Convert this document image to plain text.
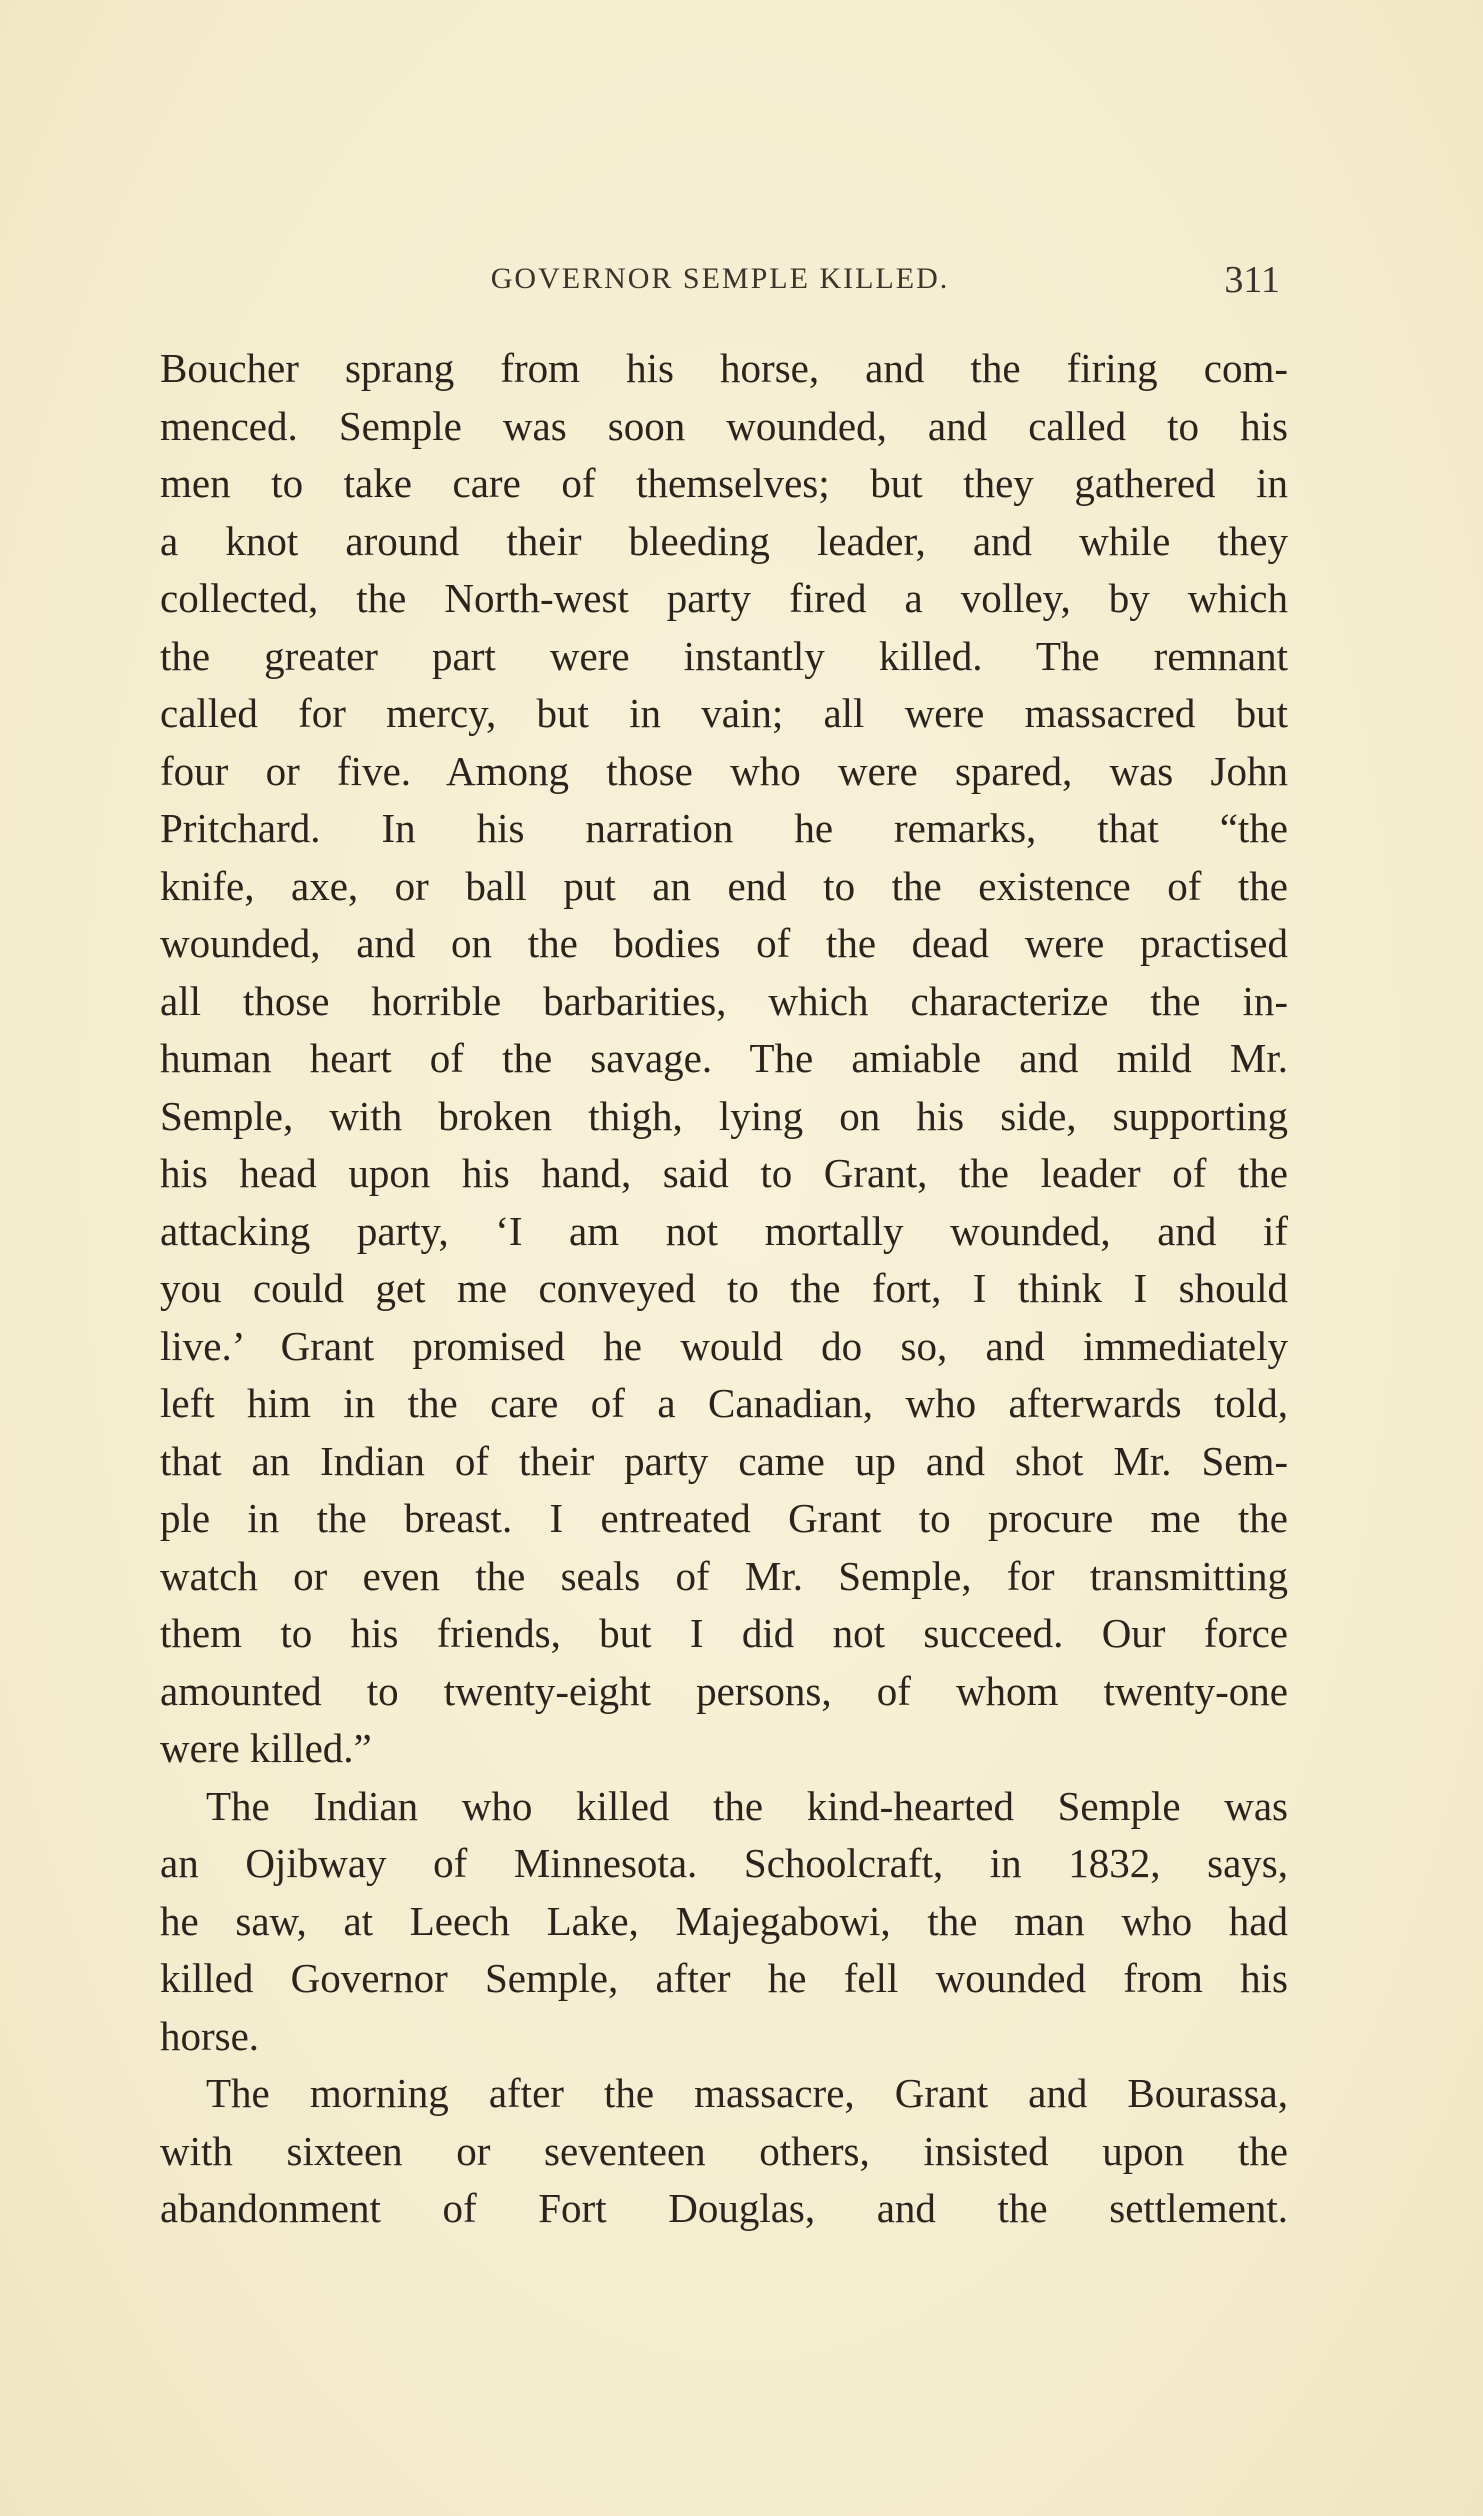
GOVERNOR SEMPLE KILLED.	311
Boucher sprang from his horse, and the firing com-
menced. Semple was soon wounded, and called to his
men to take care of themselves; but they gathered in
a knot around their bleeding leader, and while they
collected, the North-west party fired a volley, by which
the greater part were instantly killed. The remnant
called for mercy, but in vain; all were massacred but
four or five. Among those who were spared, was John
Pritchard. In his narration he remarks, that “the
knife, axe, or ball put an end to the existence of the
wounded, and on the bodies of the dead were practised
all those horrible barbarities, which characterize the in-
human heart of the savage. The amiable and mild Mr.
Semple, with broken thigh, lying on his side, supporting
his head upon his hand, said to Grant, the leader of the
attacking party, ‘I am not mortally wounded, and if
you could get me conveyed to the fort, I think I should
live.’ Grant promised he would do so, and immediately
left him in the care of a Canadian, who afterwards told,
that an Indian of their party came up and shot Mr. Sem-
ple in the breast. I entreated Grant to procure me the
watch or even the seals of Mr. Semple, for transmitting
them to his friends, but I did not succeed. Our force
amounted to twenty-eight persons, of whom twenty-one
were killed.”
The Indian who killed the kind-hearted Semple was
an Ojibway of Minnesota. Schoolcraft, in 1832, says,
he saw, at Leech Lake, Majegabowi, the man who had
killed Governor Semple, after he fell wounded from his
horse.
The morning after the massacre, Grant and Bourassa,
with sixteen or seventeen others, insisted upon the
abandonment of Fort Douglas, and the settlement.
